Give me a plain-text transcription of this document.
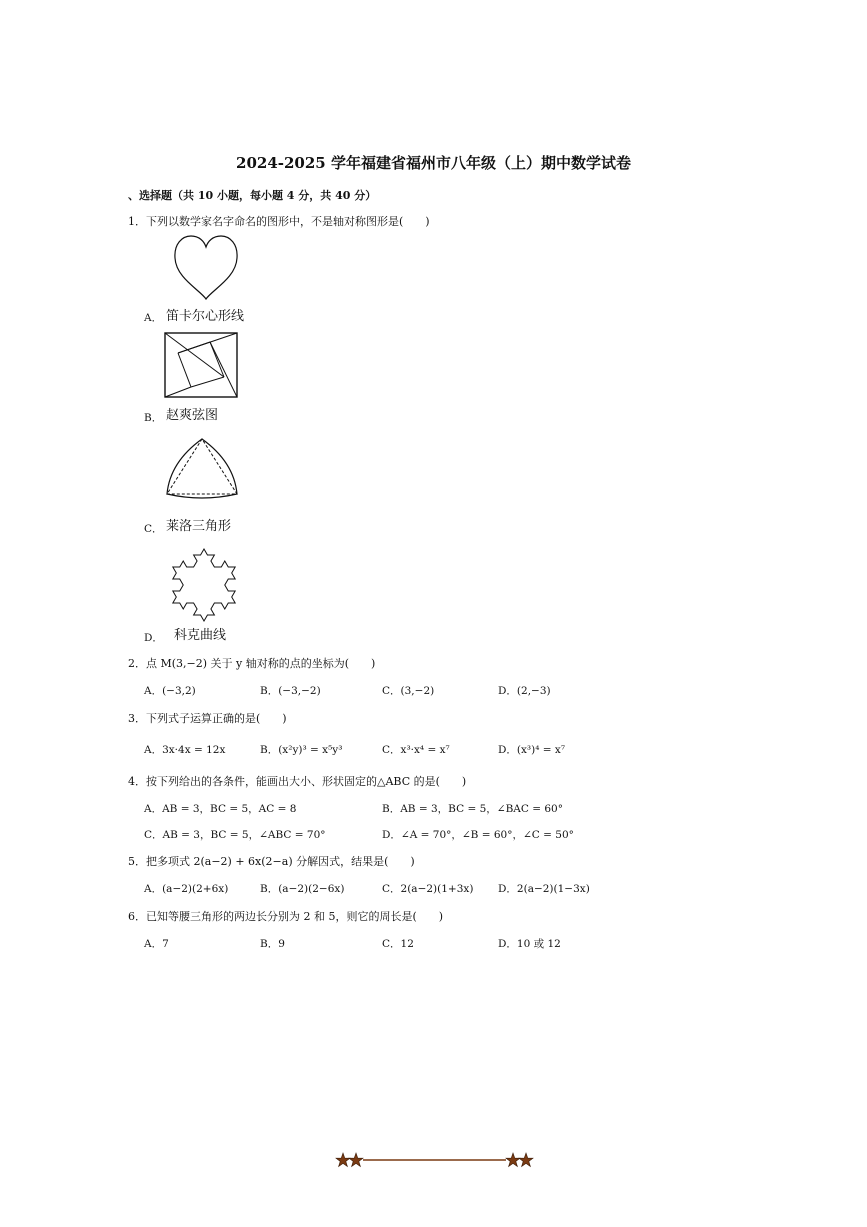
2024-2025 学年福建省福州市八年级（上）期中数学试卷
、选择题（共 10 小题，每小题 4 分，共 40 分）
1．下列以数学家名字命名的图形中，不是轴对称图形是(　　)
A． 笛卡尔心形线
B． 赵爽弦图
C． 莱洛三角形
D． 科克曲线
2．点 M(3,−2) 关于 y 轴对称的点的坐标为(　　)
A．(−3,2)	B．(−3,−2)	C．(3,−2)	D．(2,−3)
3．下列式子运算正确的是(　　)
A．3x·4x = 12x	B．(x²y)³ = x⁵y³	C．x³·x⁴ = x⁷	D．(x³)⁴ = x⁷
4．按下列给出的各条件，能画出大小、形状固定的△ABC 的是(　　)
A．AB = 3，BC = 5，AC = 8	B．AB = 3，BC = 5，∠BAC = 60°
C．AB = 3，BC = 5，∠ABC = 70°	D．∠A = 70°，∠B = 60°，∠C = 50°
5．把多项式 2(a−2) + 6x(2−a) 分解因式，结果是(　　)
A．(a−2)(2+6x)	B．(a−2)(2−6x)	C．2(a−2)(1+3x) D．2(a−2)(1−3x)
6．已知等腰三角形的两边长分别为 2 和 5，则它的周长是(　　)
A．7	B．9	C．12	D．10 或 12
